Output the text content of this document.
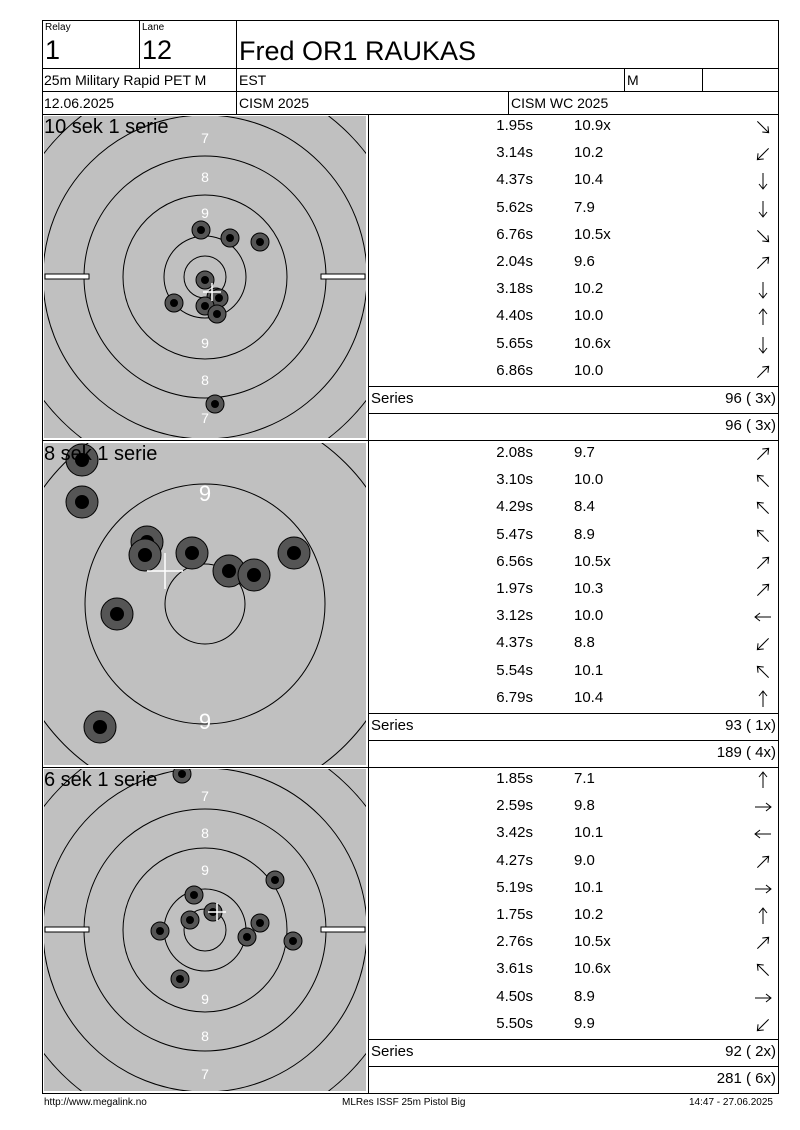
Relay
1
Lane
12 Fred OR1 RAUKAS
25m Military Rapid PET M EST	M
12.06.2025	CISM 2025	CISM WC 2025
7
8
9
9
8
7
10 sek 1 serie	1.95s	10.9x
3.14s	10.2
4.37s	10.4
5.62s	7.9
6.76s	10.5x
2.04s	9.6
3.18s	10.2
4.40s	10.0
5.65s	10.6x
6.86s	10.0
Series	96 ( 3x)
96 ( 3x)
9
9
8 sek 1 serie	2.08s	9.7
3.10s	10.0
4.29s	8.4
5.47s	8.9
6.56s	10.5x
1.97s	10.3
3.12s	10.0
4.37s	8.8
5.54s	10.1
6.79s	10.4
Series	93 ( 1x)
189 ( 4x)
7
8
9
9
8
7
6 sek 1 serie	1.85s	7.1
2.59s	9.8
3.42s	10.1
4.27s	9.0
5.19s	10.1
1.75s	10.2
2.76s	10.5x
3.61s	10.6x
4.50s	8.9
5.50s	9.9
Series	92 ( 2x)
281 ( 6x)
http://www.megalink.no	MLRes ISSF 25m Pistol Big	14:47 - 27.06.2025
